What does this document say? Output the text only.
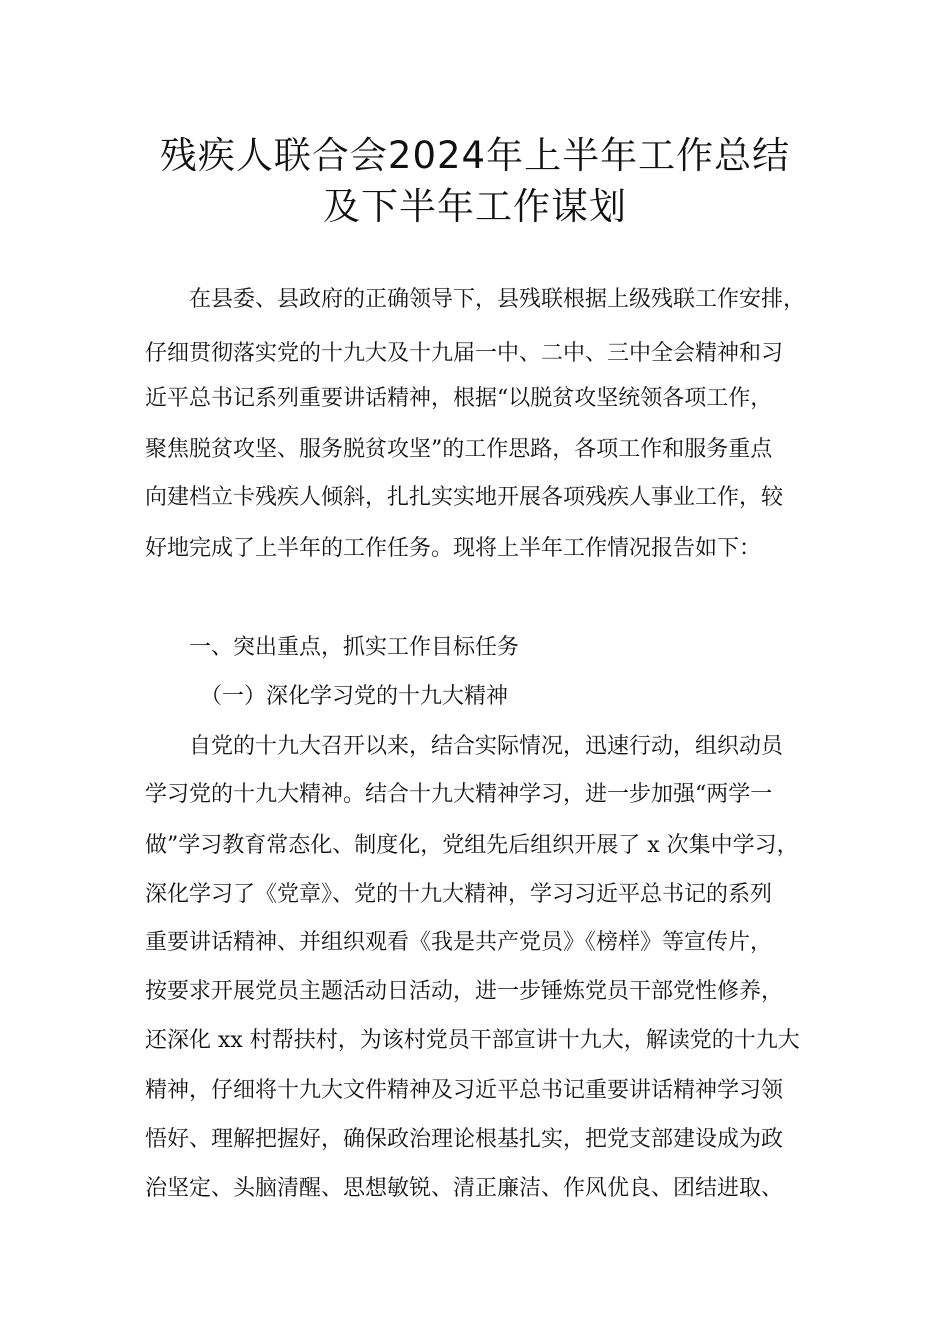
残疾人联合会2024年上半年工作总结
及下半年工作谋划
在县委、县政府的正确领导下，县残联根据上级残联工作安排，
仔细贯彻落实党的十九大及十九届一中、二中、三中全会精神和习
近平总书记系列重要讲话精神，根据“以脱贫攻坚统领各项工作，
聚焦脱贫攻坚、服务脱贫攻坚”的工作思路，各项工作和服务重点
向建档立卡残疾人倾斜，扎扎实实地开展各项残疾人事业工作，较
好地完成了上半年的工作任务。现将上半年工作情况报告如下：
一、突出重点，抓实工作目标任务
（一）深化学习党的十九大精神
自党的十九大召开以来，结合实际情况，迅速行动，组织动员
学习党的十九大精神。结合十九大精神学习，进一步加强“两学一
做”学习教育常态化、制度化，党组先后组织开展了 x 次集中学习，
深化学习了《党章》、党的十九大精神，学习习近平总书记的系列
重要讲话精神、并组织观看《我是共产党员》《榜样》等宣传片，
按要求开展党员主题活动日活动，进一步锤炼党员干部党性修养，
还深化 xx 村帮扶村，为该村党员干部宣讲十九大，解读党的十九大
精神，仔细将十九大文件精神及习近平总书记重要讲话精神学习领
悟好、理解把握好，确保政治理论根基扎实，把党支部建设成为政
治坚定、头脑清醒、思想敏锐、清正廉洁、作风优良、团结进取、
